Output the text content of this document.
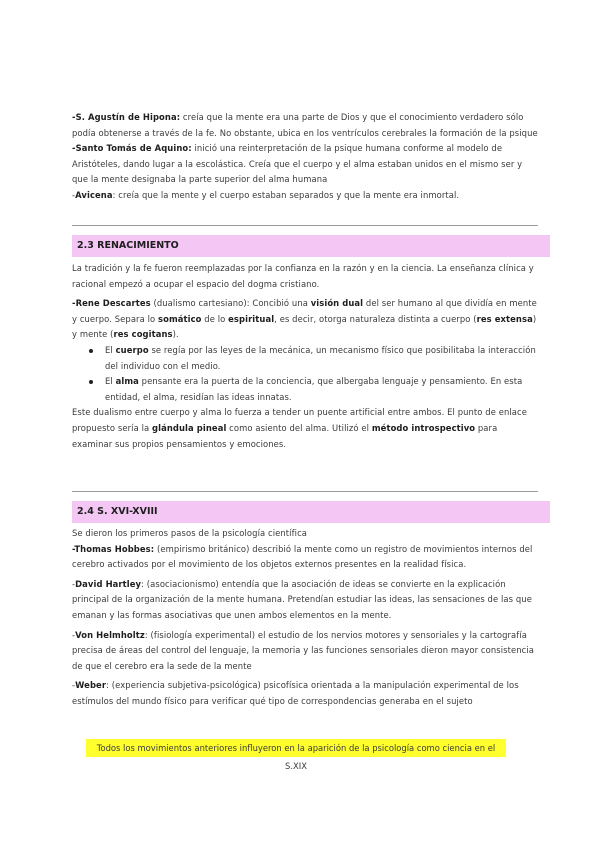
-S. Agustín de Hipona: creía que la mente era una parte de Dios y que el conocimiento verdadero sólo podía obtenerse a través de la fe. No obstante, ubica en los ventrículos cerebrales la formación de la psique

-Santo Tomás de Aquino: inició una reinterpretación de la psique humana conforme al modelo de Aristóteles, dando lugar a la escolástica. Creía que el cuerpo y el alma estaban unidos en el mismo ser y que la mente designaba la parte superior del alma humana

-Avicena: creía que la mente y el cuerpo estaban separados y que la mente era inmortal.

2.3 RENACIMIENTO

La tradición y la fe fueron reemplazadas por la confianza en la razón y en la ciencia. La enseñanza clínica y racional empezó a ocupar el espacio del dogma cristiano.

-Rene Descartes (dualismo cartesiano): Concibió una visión dual del ser humano al que dividía en mente y cuerpo. Separa lo somático de lo espiritual, es decir, otorga naturaleza distinta a cuerpo (res extensa) y mente (res cogitans).

El cuerpo se regía por las leyes de la mecánica, un mecanismo físico que posibilitaba la interacción del individuo con el medio.
El alma pensante era la puerta de la conciencia, que albergaba lenguaje y pensamiento. En esta entidad, el alma, residían las ideas innatas.

Este dualismo entre cuerpo y alma lo fuerza a tender un puente artificial entre ambos. El punto de enlace propuesto sería la glándula pineal como asiento del alma. Utilizó el método introspectivo para examinar sus propios pensamientos y emociones.

2.4 S. XVI-XVIII

Se dieron los primeros pasos de la psicología científica

-Thomas Hobbes: (empirismo británico) describió la mente como un registro de movimientos internos del cerebro activados por el movimiento de los objetos externos presentes en la realidad física.

-David Hartley: (asociacionismo) entendía que la asociación de ideas se convierte en la explicación principal de la organización de la mente humana. Pretendían estudiar las ideas, las sensaciones de las que emanan y las formas asociativas que unen ambos elementos en la mente.

-Von Helmholtz: (fisiología experimental) el estudio de los nervios motores y sensoriales y la cartografía precisa de áreas del control del lenguaje, la memoria y las funciones sensoriales dieron mayor consistencia de que el cerebro era la sede de la mente

-Weber: (experiencia subjetiva-psicológica) psicofísica orientada a la manipulación experimental de los estímulos del mundo físico para verificar qué tipo de correspondencias generaba en el sujeto

Todos los movimientos anteriores influyeron en la aparición de la psicología como ciencia en el S.XIX
